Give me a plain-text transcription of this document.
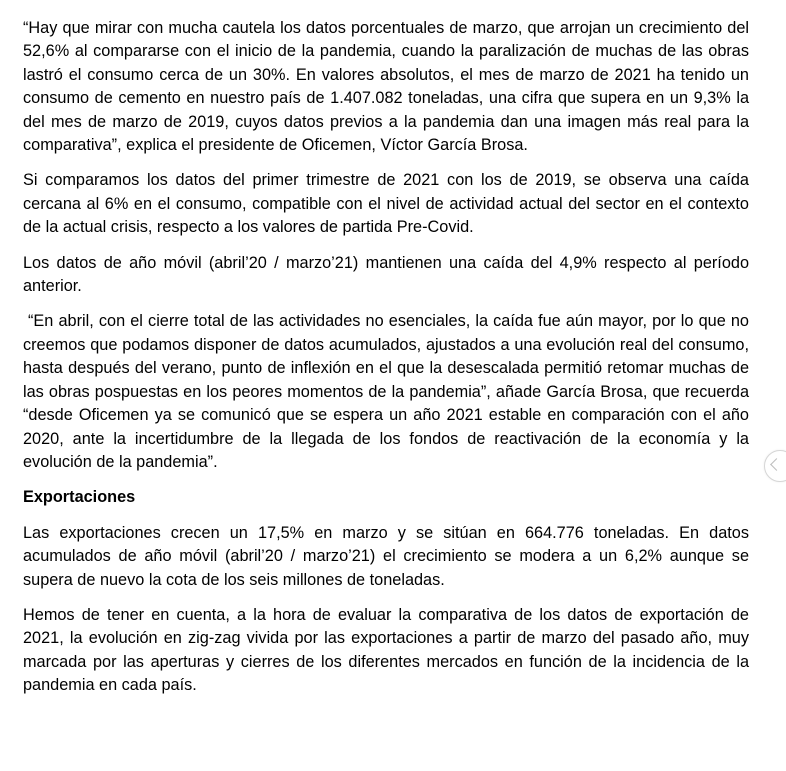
“Hay que mirar con mucha cautela los datos porcentuales de marzo, que arrojan un crecimiento del 52,6% al compararse con el inicio de la pandemia, cuando la paralización de muchas de las obras lastró el consumo cerca de un 30%. En valores absolutos, el mes de marzo de 2021 ha tenido un consumo de cemento en nuestro país de 1.407.082 toneladas, una cifra que supera en un 9,3% la del mes de marzo de 2019, cuyos datos previos a la pandemia dan una imagen más real para la comparativa”, explica el presidente de Oficemen, Víctor García Brosa.

Si comparamos los datos del primer trimestre de 2021 con los de 2019, se observa una caída cercana al 6% en el consumo, compatible con el nivel de actividad actual del sector en el contexto de la actual crisis, respecto a los valores de partida Pre-Covid.

Los datos de año móvil (abril’20 / marzo’21) mantienen una caída del 4,9% respecto al período anterior.

“En abril, con el cierre total de las actividades no esenciales, la caída fue aún mayor, por lo que no creemos que podamos disponer de datos acumulados, ajustados a una evolución real del consumo, hasta después del verano, punto de inflexión en el que la desescalada permitió retomar muchas de las obras pospuestas en los peores momentos de la pandemia”, añade García Brosa, que recuerda “desde Oficemen ya se comunicó que se espera un año 2021 estable en comparación con el año 2020, ante la incertidumbre de la llegada de los fondos de reactivación de la economía y la evolución de la pandemia”.

Exportaciones

Las exportaciones crecen un 17,5% en marzo y se sitúan en 664.776 toneladas. En datos acumulados de año móvil (abril’20 / marzo’21) el crecimiento se modera a un 6,2% aunque se supera de nuevo la cota de los seis millones de toneladas.

Hemos de tener en cuenta, a la hora de evaluar la comparativa de los datos de exportación de 2021, la evolución en zig-zag vivida por las exportaciones a partir de marzo del pasado año, muy marcada por las aperturas y cierres de los diferentes mercados en función de la incidencia de la pandemia en cada país.
